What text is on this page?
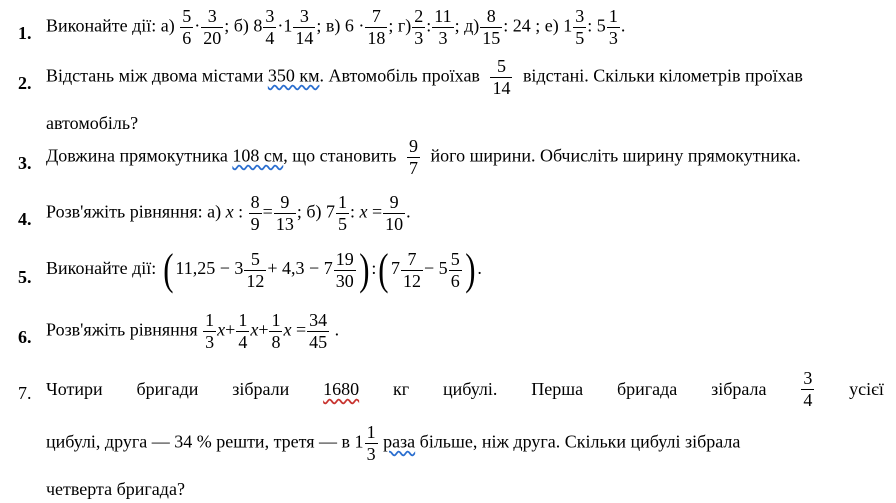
1. Виконайте дії: $а) \frac{5}{6} \cdot \frac{3}{20}$ ; б) $8 \frac{3}{4} \cdot 1 \frac{3}{14}$ ; в) $6 \cdot \frac{7}{18}$ ; $г) \frac{2}{3}$ : $\frac{11}{3}$ ; $д) \frac{8}{15}$ : 24 ; е) $1 \frac{3}{5}$ : $5 \frac{1}{3}$ .
2. Відстань між двома містами 350 км. Автомобіль проїхав $\frac{5}{14}$ відстані. Скільки кілометрів проїхав
автомобіль?
3. Довжина прямокутника 108 см, що становить $\frac{9}{7}$ його ширини. Обчисліть ширину прямокутника.
4. Розв'яжіть рівняння: а) x : $\frac{8}{9} = \frac{9}{13}$ ; б) $7 \frac{1}{5}$ : $x = \frac{9}{10}$ .
5. Виконайте дії: ( $11,25 - 3 \frac{5}{12} + 4,3 - 7 \frac{19}{30}$ ) :( $7 \frac{7}{12} - 5 \frac{5}{6}$ ) .
6. Розв'яжіть рівняння $\frac{1}{3} x+ \frac{1}{4} x+ \frac{1}{8}$ $x = \frac{34}{45}$ .
7. Чотири бригади зібрали 1680 кг цибулі. Перша бригада зібрала
3
4
усієї
цибулі, друга — 34 % решти, третя — в $1 \frac{1}{3}$ раза більше, ніж друга. Скільки цибулі зібрала
четверта бригада?
